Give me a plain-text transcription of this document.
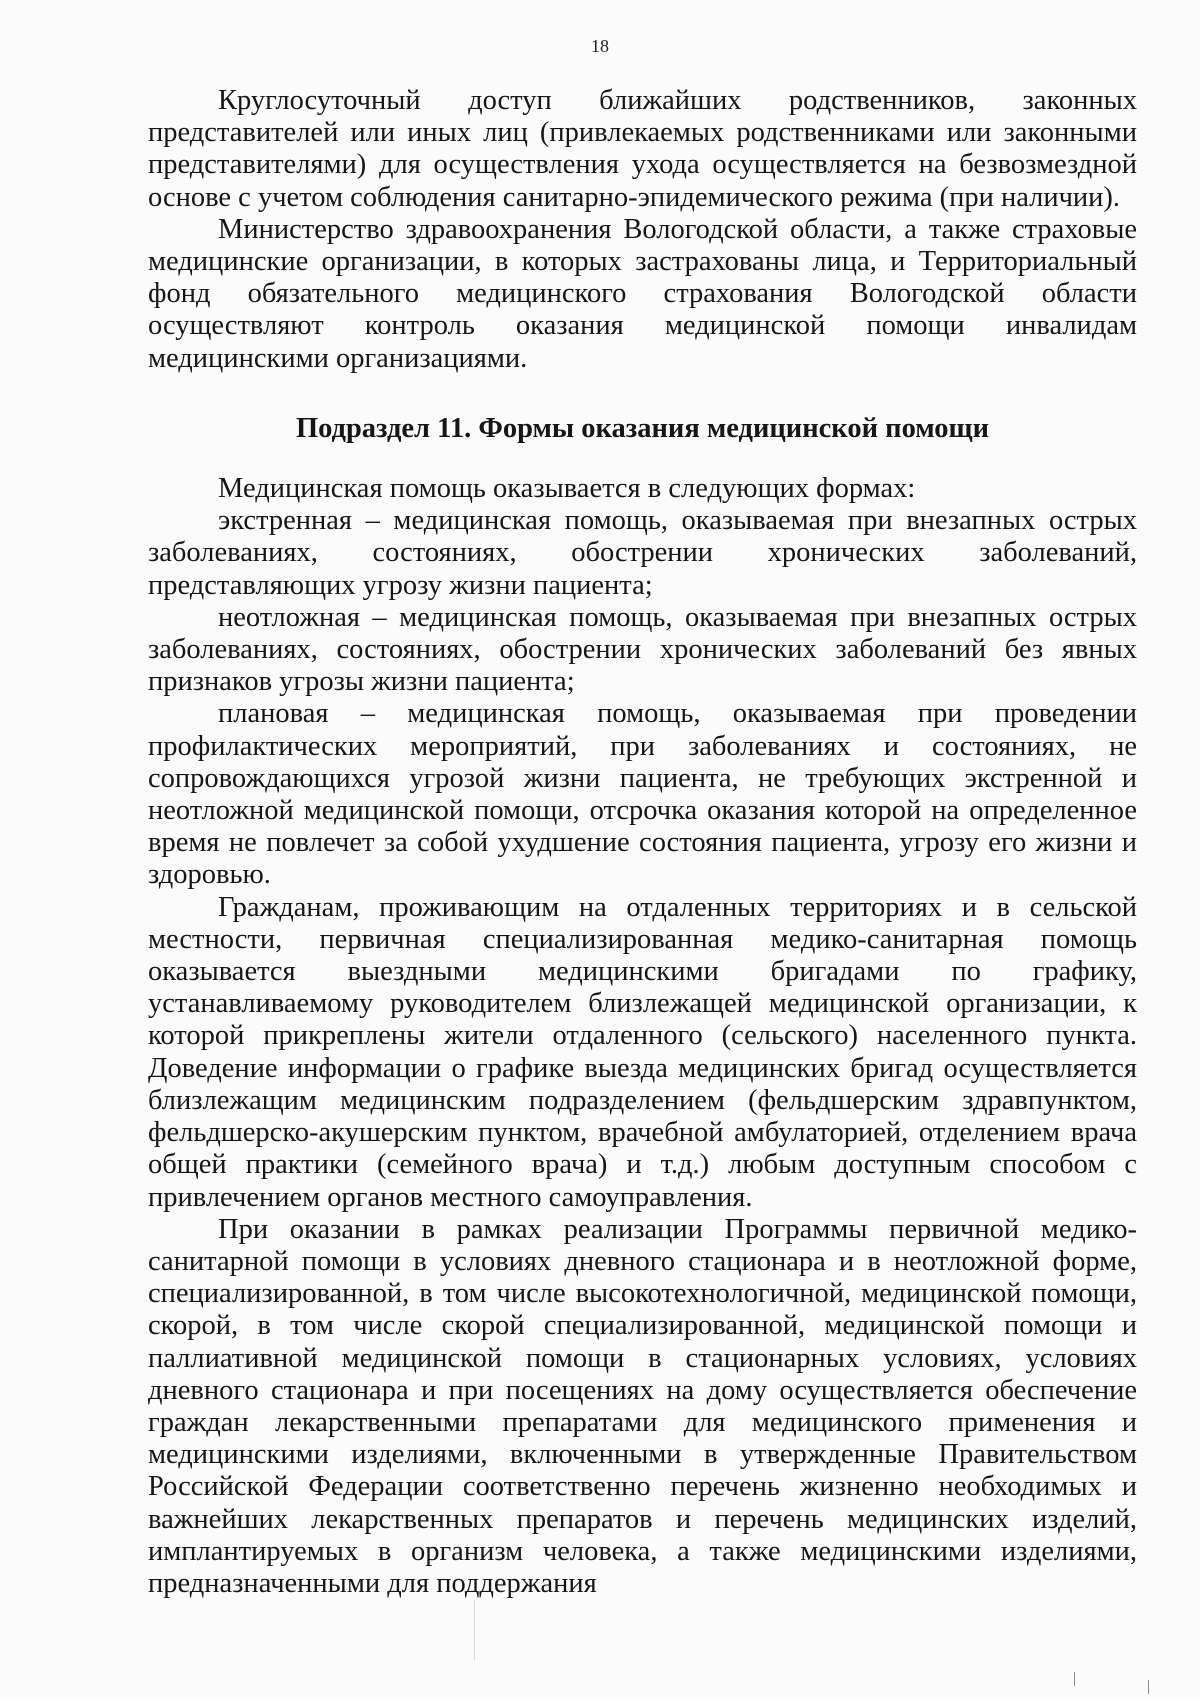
18

Круглосуточный доступ ближайших родственников, законных представителей или иных лиц (привлекаемых родственниками или законными представителями) для осуществления ухода осуществляется на безвозмездной основе с учетом соблюдения санитарно-эпидемического режима (при наличии).

Министерство здравоохранения Вологодской области, а также страховые медицинские организации, в которых застрахованы лица, и Территориальный фонд обязательного медицинского страхования Вологодской области осуществляют контроль оказания медицинской помощи инвалидам медицинскими организациями.

Подраздел 11. Формы оказания медицинской помощи

Медицинская помощь оказывается в следующих формах:

экстренная – медицинская помощь, оказываемая при внезапных острых заболеваниях, состояниях, обострении хронических заболеваний, представляющих угрозу жизни пациента;

неотложная – медицинская помощь, оказываемая при внезапных острых заболеваниях, состояниях, обострении хронических заболеваний без явных признаков угрозы жизни пациента;

плановая – медицинская помощь, оказываемая при проведении профилактических мероприятий, при заболеваниях и состояниях, не сопровождающихся угрозой жизни пациента, не требующих экстренной и неотложной медицинской помощи, отсрочка оказания которой на определенное время не повлечет за собой ухудшение состояния пациента, угрозу его жизни и здоровью.

Гражданам, проживающим на отдаленных территориях и в сельской местности, первичная специализированная медико-санитарная помощь оказывается выездными медицинскими бригадами по графику, устанавливаемому руководителем близлежащей медицинской организации, к которой прикреплены жители отдаленного (сельского) населенного пункта. Доведение информации о графике выезда медицинских бригад осуществляется близлежащим медицинским подразделением (фельдшерским здравпунктом, фельдшерско-акушерским пунктом, врачебной амбулаторией, отделением врача общей практики (семейного врача) и т.д.) любым доступным способом с привлечением органов местного самоуправления.

При оказании в рамках реализации Программы первичной медико-санитарной помощи в условиях дневного стационара и в неотложной форме, специализированной, в том числе высокотехнологичной, медицинской помощи, скорой, в том числе скорой специализированной, медицинской помощи и паллиативной медицинской помощи в стационарных условиях, условиях дневного стационара и при посещениях на дому осуществляется обеспечение граждан лекарственными препаратами для медицинского применения и медицинскими изделиями, включенными в утвержденные Правительством Российской Федерации соответственно перечень жизненно необходимых и важнейших лекарственных препаратов и перечень медицинских изделий, имплантируемых в организм человека, а также медицинскими изделиями, предназначенными для поддержания
